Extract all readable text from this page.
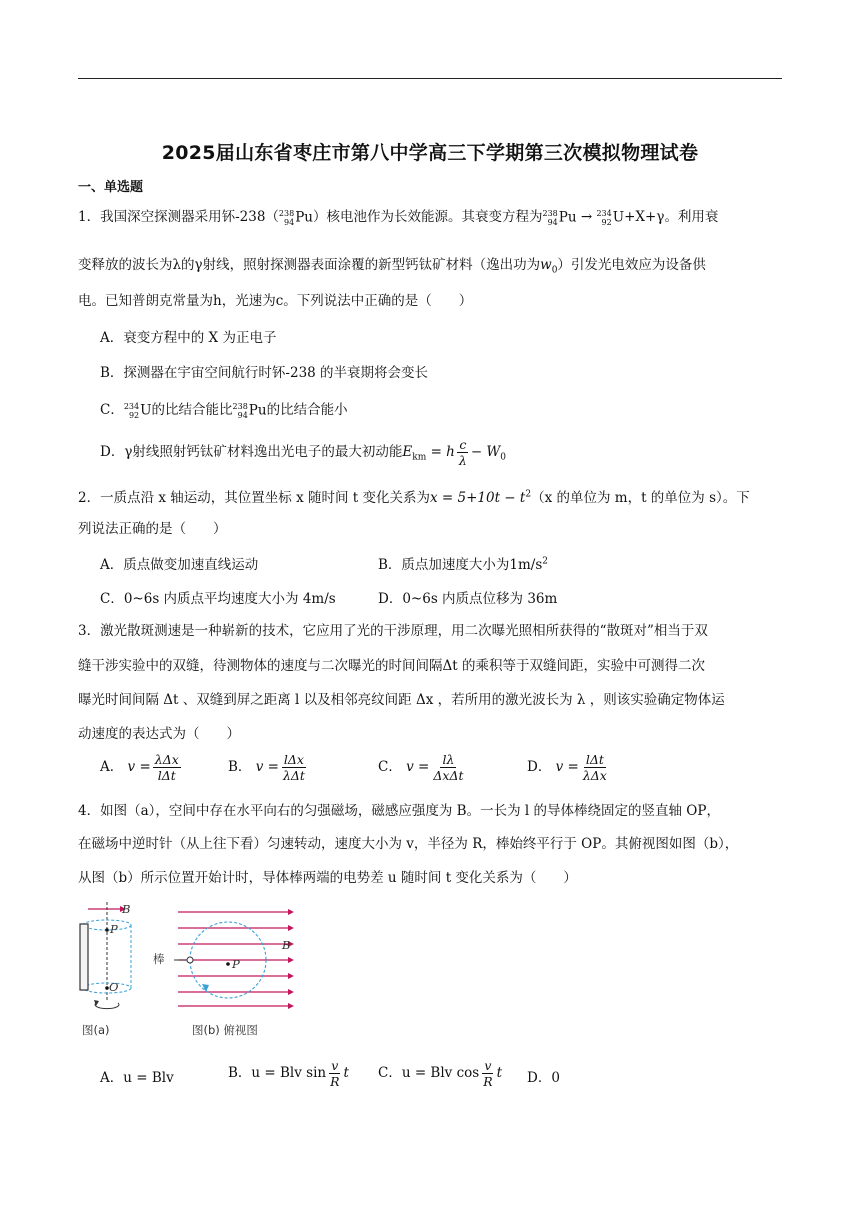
2025届山东省枣庄市第八中学高三下学期第三次模拟物理试卷
一、单选题
1．我国深空探测器采用钚-238（ 238
94 Pu）核电池作为长效能源。其衰变方程为 238
94 Pu → 234
92 U+X+γ。利用衰
变释放的波长为λ的γ射线，照射探测器表面涂覆的新型钙钛矿材料（逸出功为$w_0$）引发光电效应为设备供
电。已知普朗克常量为h，光速为c。下列说法中正确的是（　　）
A．衰变方程中的 X 为正电子
B．探测器在宇宙空间航行时钚-238 的半衰期将会变长
C． 234
92 U的比结合能比 238
94 Pu的比结合能小
D．γ射线照射钙钛矿材料逸出光电子的最大初动能$E_{km} = h \frac{c}{\lambda} - W_0$
2．一质点沿 x 轴运动，其位置坐标 x 随时间 t 变化关系为$x = 5+10t - t^2(x$ 的单位为 m，t 的单位为 s）。下
列说法正确的是（　　）
A．质点做变加速直线运动	B．质点加速度大小为$1m/s^2$
C．0~6s 内质点平均速度大小为 4m/s	D．0~6s 内质点位移为 36m
3．激光散斑测速是一种崭新的技术，它应用了光的干涉原理，用二次曝光照相所获得的“散斑对”相当于双
缝干涉实验中的双缝，待测物体的速度与二次曝光的时间间隔Δt 的乘积等于双缝间距，实验中可测得二次
曝光时间间隔 Δt 、双缝到屏之距离 l 以及相邻亮纹间距 Δx ，若所用的激光波长为 λ ，则该实验确定物体运
动速度的表达式为（　　）
A． $v = \frac{\text{λΔx}}{\text{lΔt}}$	B． $v = \frac{\text{lΔx}}{\text{λΔt}}$	C． $v = \frac{l\lambda}{\text{ΔxΔt}}$	D． $v = \frac{\text{lΔt}}{\text{λΔx}}$
4．如图（a），空间中存在水平向右的匀强磁场，磁感应强度为 B。一长为 l 的导体棒绕固定的竖直轴 OP，
在磁场中逆时针（从上往下看）匀速转动，速度大小为 v，半径为 R，棒始终平行于 OP。其俯视图如图（b），
从图（b）所示位置开始计时，导体棒两端的电势差 u 随时间 t 变化关系为（　　）
B
P
O
图(a)
棒
B
P
图(b) 俯视图
A．u = Blv	B．u = Blv $\sin \frac{v}{R}$ t C．u = Blv $\cos \frac{v}{R}$ t D．0
